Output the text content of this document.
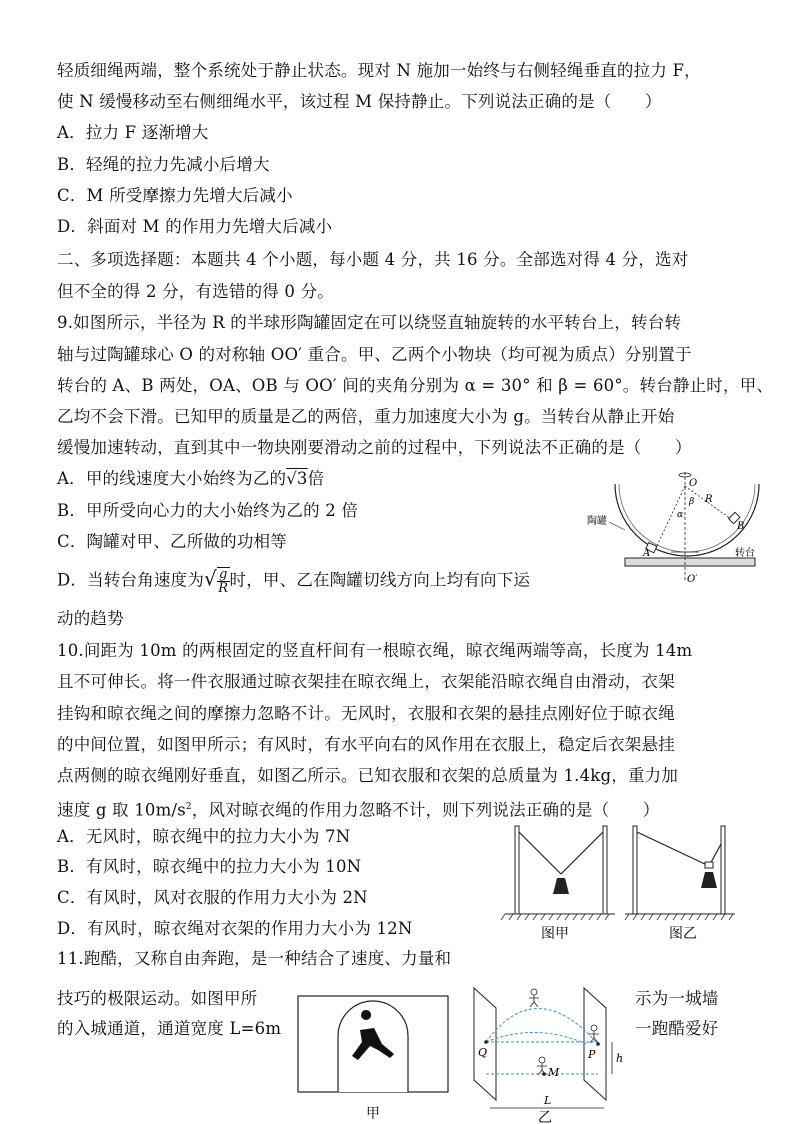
轻质细绳两端，整个系统处于静止状态。现对 N 施加一始终与右侧轻绳垂直的拉力 F，
使 N 缓慢移动至右侧细绳水平，该过程 M 保持静止。下列说法正确的是（　　）
A．拉力 F 逐渐增大
B．轻绳的拉力先减小后增大
C．M 所受摩擦力先增大后减小
D．斜面对 M 的作用力先增大后减小
二、多项选择题：本题共 4 个小题，每小题 4 分，共 16 分。全部选对得 4 分，选对
但不全的得 2 分，有选错的得 0 分。
9.如图所示，半径为 R 的半球形陶罐固定在可以绕竖直轴旋转的水平转台上，转台转
轴与过陶罐球心 O 的对称轴 OO′ 重合。甲、乙两个小物块（均可视为质点）分别置于
转台的 A、B 两处，OA、OB 与 OO′ 间的夹角分别为 α = 30° 和 β = 60°。转台静止时，甲、
乙均不会下滑。已知甲的质量是乙的两倍，重力加速度大小为 g。当转台从静止开始
缓慢加速转动，直到其中一物块刚要滑动之前的过程中，下列说法不正确的是（　　）
A．甲的线速度大小始终为乙的√3倍
B．甲所受向心力的大小始终为乙的 2 倍
C．陶罐对甲、乙所做的功相等
D．当转台角速度为√ $\frac{g}{R}$ 时，甲、乙在陶罐切线方向上均有向下运
动的趋势
O
R
α
β
A
B
O′
陶罐
转台
10.间距为 10m 的两根固定的竖直杆间有一根晾衣绳，晾衣绳两端等高，长度为 14m
且不可伸长。将一件衣服通过晾衣架挂在晾衣绳上，衣架能沿晾衣绳自由滑动，衣架
挂钩和晾衣绳之间的摩擦力忽略不计。无风时，衣服和衣架的悬挂点刚好位于晾衣绳
的中间位置，如图甲所示；有风时，有水平向右的风作用在衣服上，稳定后衣架悬挂
点两侧的晾衣绳刚好垂直，如图乙所示。已知衣服和衣架的总质量为 1.4kg，重力加
速度 g 取 $10m/s^2$，风对晾衣绳的作用力忽略不计，则下列说法正确的是（　　）
A．无风时，晾衣绳中的拉力大小为 7N
B．有风时，晾衣绳中的拉力大小为 10N
C．有风时，风对衣服的作用力大小为 2N
D．有风时，晾衣绳对衣架的作用力大小为 12N	图甲	图乙
11.跑酷，又称自由奔跑，是一种结合了速度、力量和
技巧的极限运动。如图甲所	示为一城墙
的入城通道，通道宽度 L=6m	一跑酷爱好
甲
Q	P
M
L
h
乙
